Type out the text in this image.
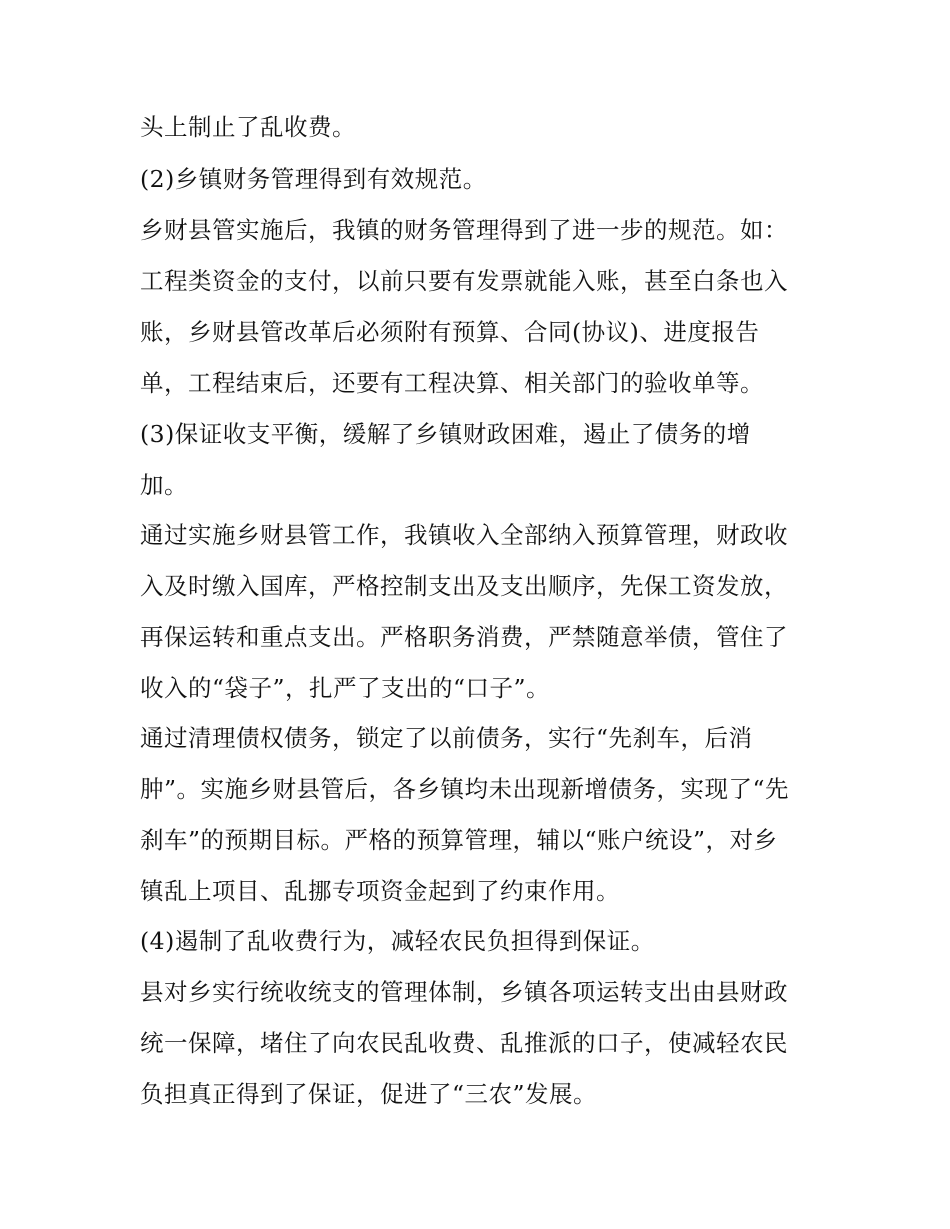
头上制止了乱收费。
(2)乡镇财务管理得到有效规范。
乡财县管实施后，我镇的财务管理得到了进一步的规范。如：
工程类资金的支付，以前只要有发票就能入账，甚至白条也入
账，乡财县管改革后必须附有预算、合同(协议)、进度报告
单，工程结束后，还要有工程决算、相关部门的验收单等。
(3)保证收支平衡，缓解了乡镇财政困难，遏止了债务的增
加。
通过实施乡财县管工作，我镇收入全部纳入预算管理，财政收
入及时缴入国库，严格控制支出及支出顺序，先保工资发放，
再保运转和重点支出。严格职务消费，严禁随意举债，管住了
收入的“袋子”，扎严了支出的“口子”。
通过清理债权债务，锁定了以前债务，实行“先刹车，后消
肿”。实施乡财县管后，各乡镇均未出现新增债务，实现了“先
刹车”的预期目标。严格的预算管理，辅以“账户统设”，对乡
镇乱上项目、乱挪专项资金起到了约束作用。
(4)遏制了乱收费行为，减轻农民负担得到保证。
县对乡实行统收统支的管理体制，乡镇各项运转支出由县财政
统一保障，堵住了向农民乱收费、乱推派的口子，使减轻农民
负担真正得到了保证，促进了“三农”发展。
